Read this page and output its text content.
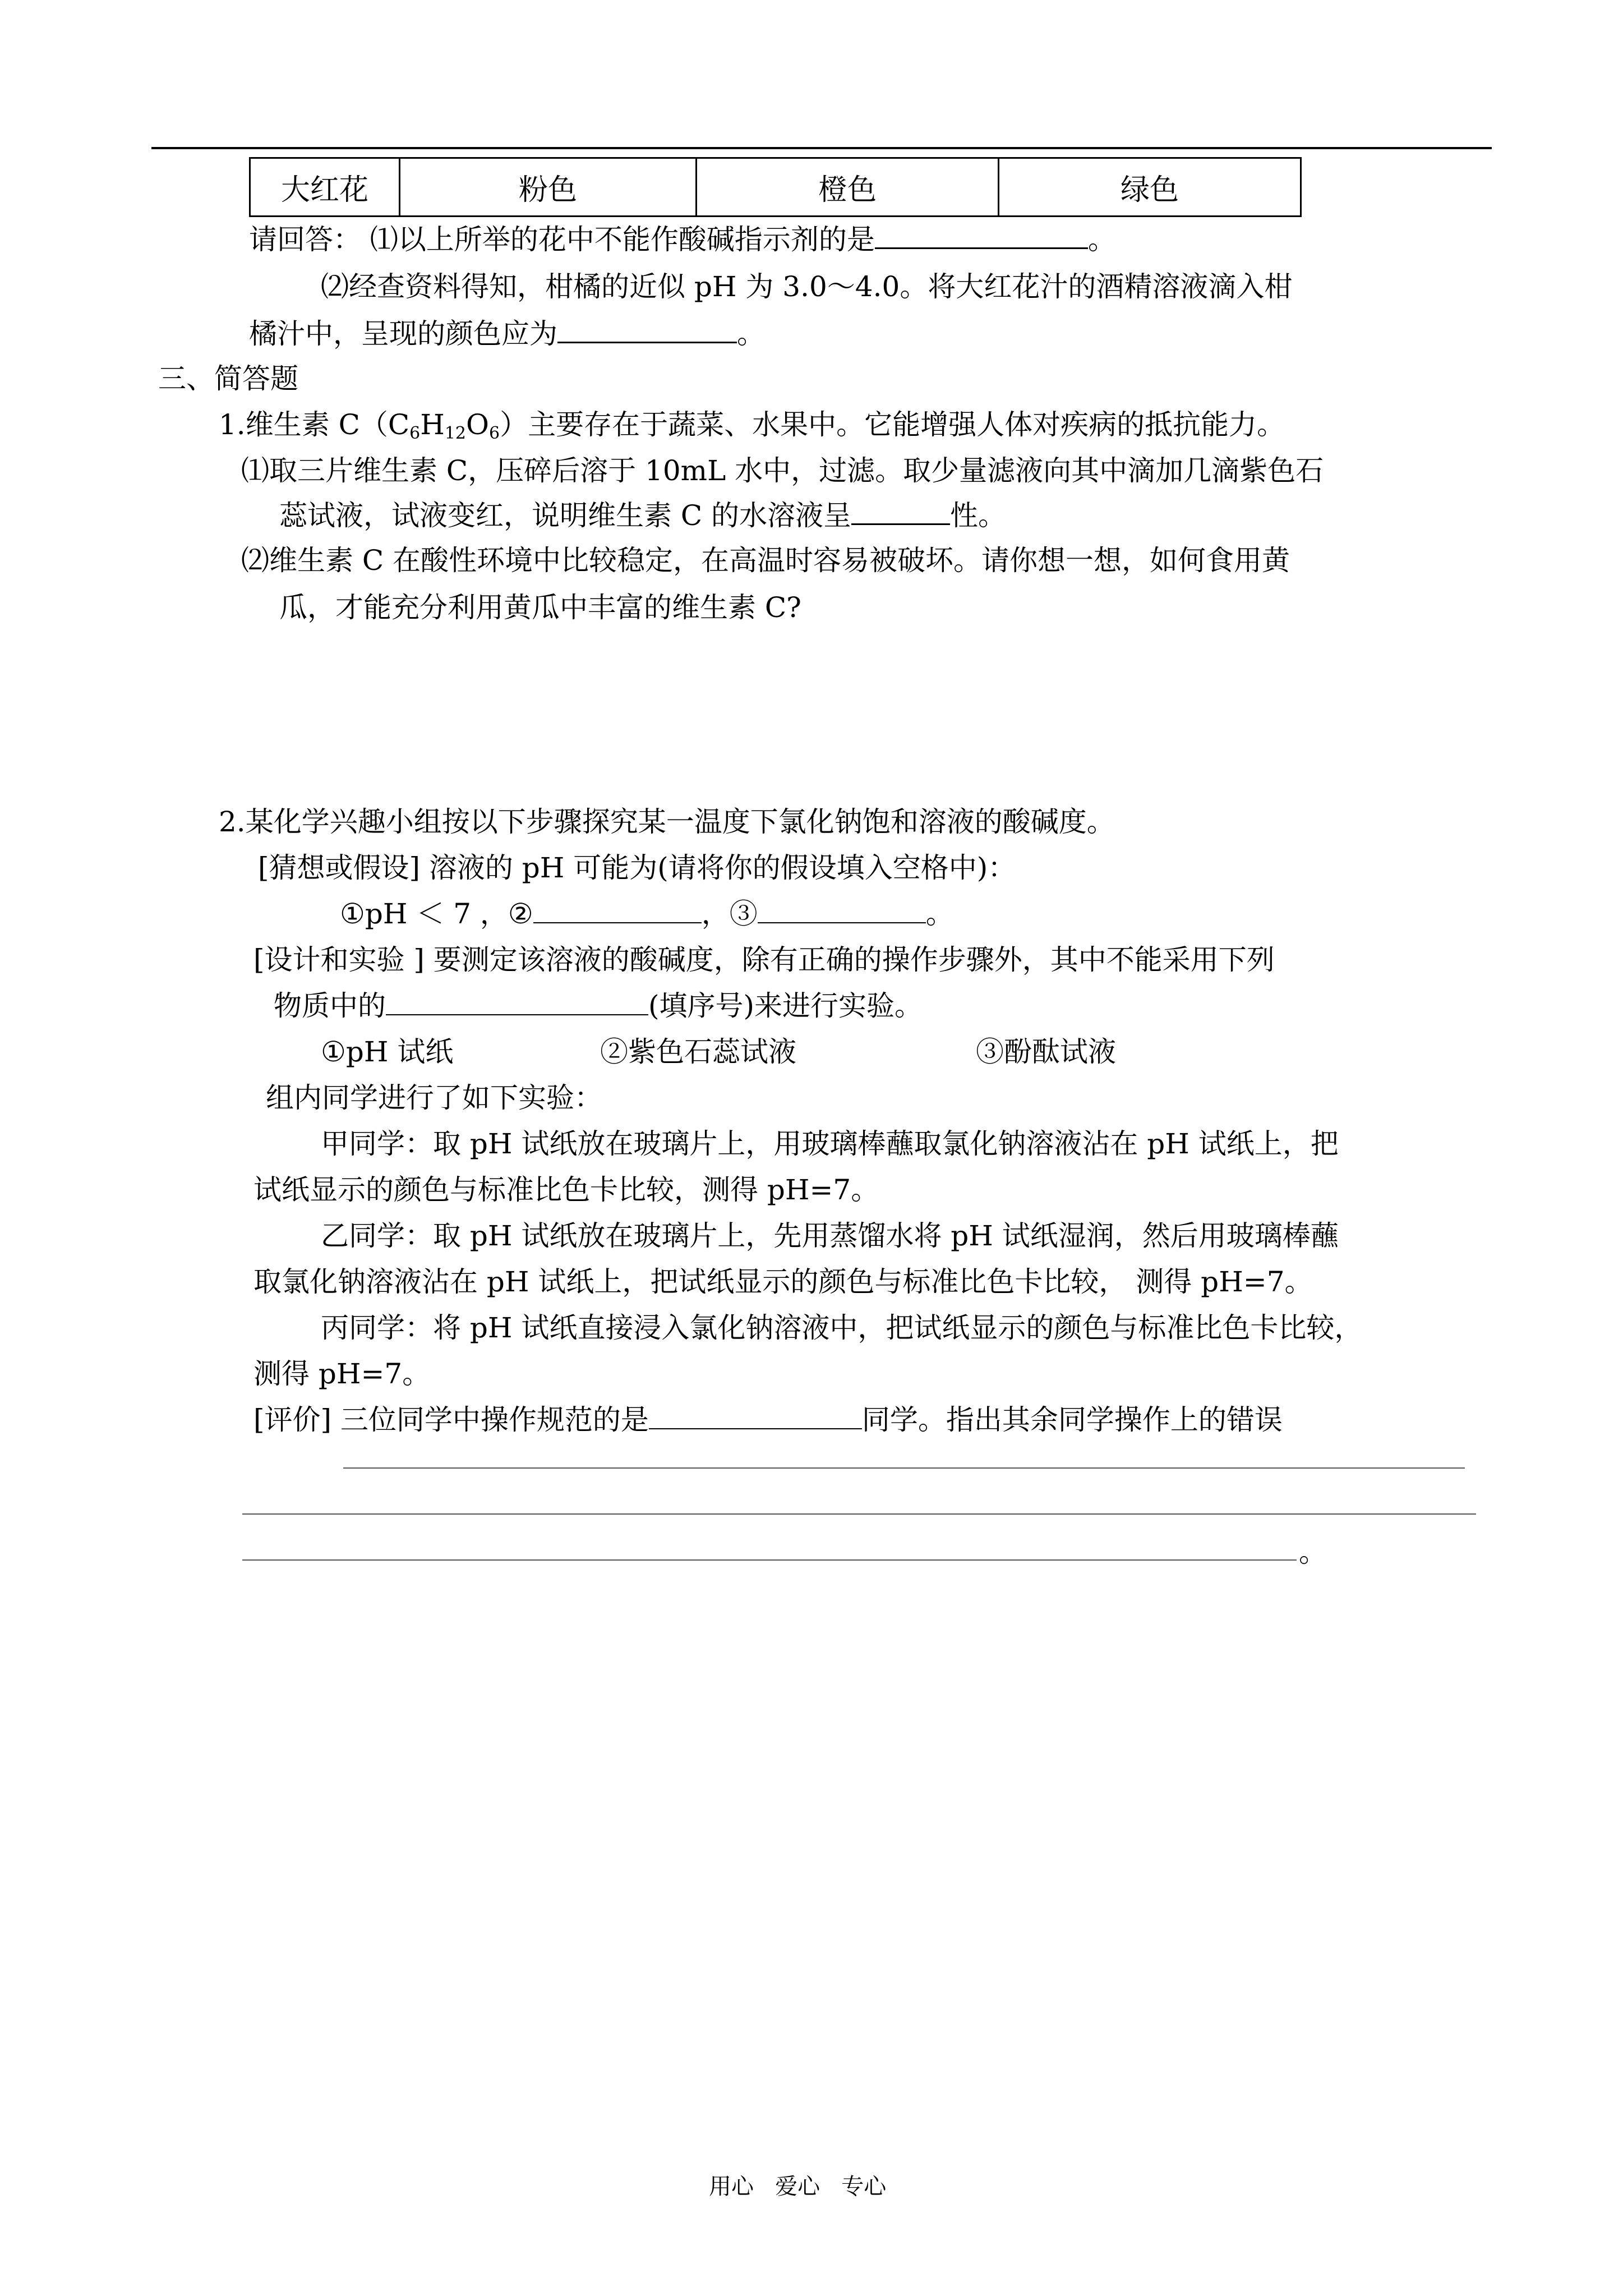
大红花	粉色	橙色	绿色
请回答： ⑴以上所举的花中不能作酸碱指示剂的是	。
⑵经查资料得知，柑橘的近似 pH 为 3.0～4.0。将大红花汁的酒精溶液滴入柑
橘汁中，呈现的颜色应为	。
三、简答题
1.维生素 $C(C_6H_{12}O_6)$主要存在于蔬菜、水果中。它能增强人体对疾病的抵抗能力。
⑴取三片维生素 C，压碎后溶于 10mL 水中，过滤。取少量滤液向其中滴加几滴紫色石
蕊试液，试液变红，说明维生素 C 的水溶液呈	性。
⑵维生素 C 在酸性环境中比较稳定，在高温时容易被破坏。请你想一想，如何食用黄
瓜，才能充分利用黄瓜中丰富的维生素 C?
2.某化学兴趣小组按以下步骤探究某一温度下氯化钠饱和溶液的酸碱度。
[猜想或假设] 溶液的 pH 可能为(请将你的假设填入空格中)：
①pH ＜ 7 ，②	，③	。
[设计和实验 ] 要测定该溶液的酸碱度，除有正确的操作步骤外，其中不能采用下列
物质中的	(填序号)来进行实验。
①pH 试纸	②紫色石蕊试液	③酚酞试液
组内同学进行了如下实验：
甲同学：取 pH 试纸放在玻璃片上，用玻璃棒蘸取氯化钠溶液沾在 pH 试纸上，把
试纸显示的颜色与标准比色卡比较，测得 pH=7。
乙同学：取 pH 试纸放在玻璃片上，先用蒸馏水将 pH 试纸湿润，然后用玻璃棒蘸
取氯化钠溶液沾在 pH 试纸上，把试纸显示的颜色与标准比色卡比较， 测得 pH=7。
丙同学：将 pH 试纸直接浸入氯化钠溶液中，把试纸显示的颜色与标准比色卡比较，
测得 pH=7。
[评价] 三位同学中操作规范的是	同学。指出其余同学操作上的错误
。
用心   爱心   专心
